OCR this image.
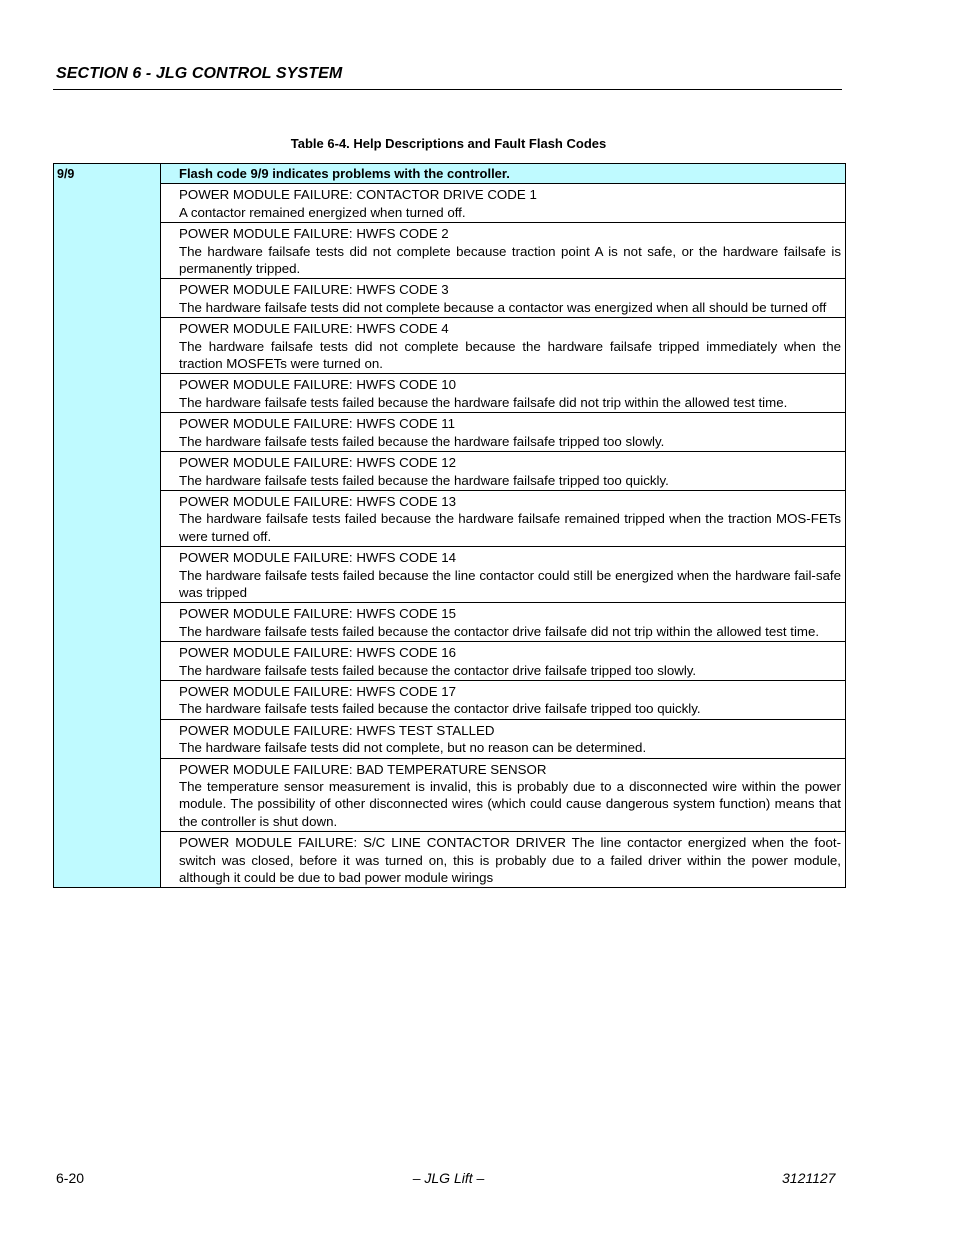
SECTION 6 - JLG CONTROL SYSTEM
Table 6-4. Help Descriptions and Fault Flash Codes
9/9	Flash code 9/9 indicates problems with the controller.

POWER MODULE FAILURE: CONTACTOR DRIVE CODE 1
A contactor remained energized when turned off.

POWER MODULE FAILURE: HWFS CODE 2
The hardware failsafe tests did not complete because traction point A is not safe, or the hardware failsafe is permanently tripped.

POWER MODULE FAILURE: HWFS CODE 3
The hardware failsafe tests did not complete because a contactor was energized when all should be turned off

POWER MODULE FAILURE: HWFS CODE 4
The hardware failsafe tests did not complete because the hardware failsafe tripped immediately when the traction MOSFETs were turned on.

POWER MODULE FAILURE: HWFS CODE 10
The hardware failsafe tests failed because the hardware failsafe did not trip within the allowed test time.

POWER MODULE FAILURE: HWFS CODE 11
The hardware failsafe tests failed because the hardware failsafe tripped too slowly.

POWER MODULE FAILURE: HWFS CODE 12
The hardware failsafe tests failed because the hardware failsafe tripped too quickly.

POWER MODULE FAILURE: HWFS CODE 13
The hardware failsafe tests failed because the hardware failsafe remained tripped when the traction MOS-FETs were turned off.

POWER MODULE FAILURE: HWFS CODE 14
The hardware failsafe tests failed because the line contactor could still be energized when the hardware fail-safe was tripped

POWER MODULE FAILURE: HWFS CODE 15
The hardware failsafe tests failed because the contactor drive failsafe did not trip within the allowed test time.

POWER MODULE FAILURE: HWFS CODE 16
The hardware failsafe tests failed because the contactor drive failsafe tripped too slowly.

POWER MODULE FAILURE: HWFS CODE 17
The hardware failsafe tests failed because the contactor drive failsafe tripped too quickly.

POWER MODULE FAILURE: HWFS TEST STALLED
The hardware failsafe tests did not complete, but no reason can be determined.

POWER MODULE FAILURE: BAD TEMPERATURE SENSOR
The temperature sensor measurement is invalid, this is probably due to a disconnected wire within the power module. The possibility of other disconnected wires (which could cause dangerous system function) means that the controller is shut down.

POWER MODULE FAILURE: S/C LINE CONTACTOR DRIVER The line contactor energized when the foot-switch was closed, before it was turned on, this is probably due to a failed driver within the power module, although it could be due to bad power module wirings
6-20	– JLG Lift –	3121127
